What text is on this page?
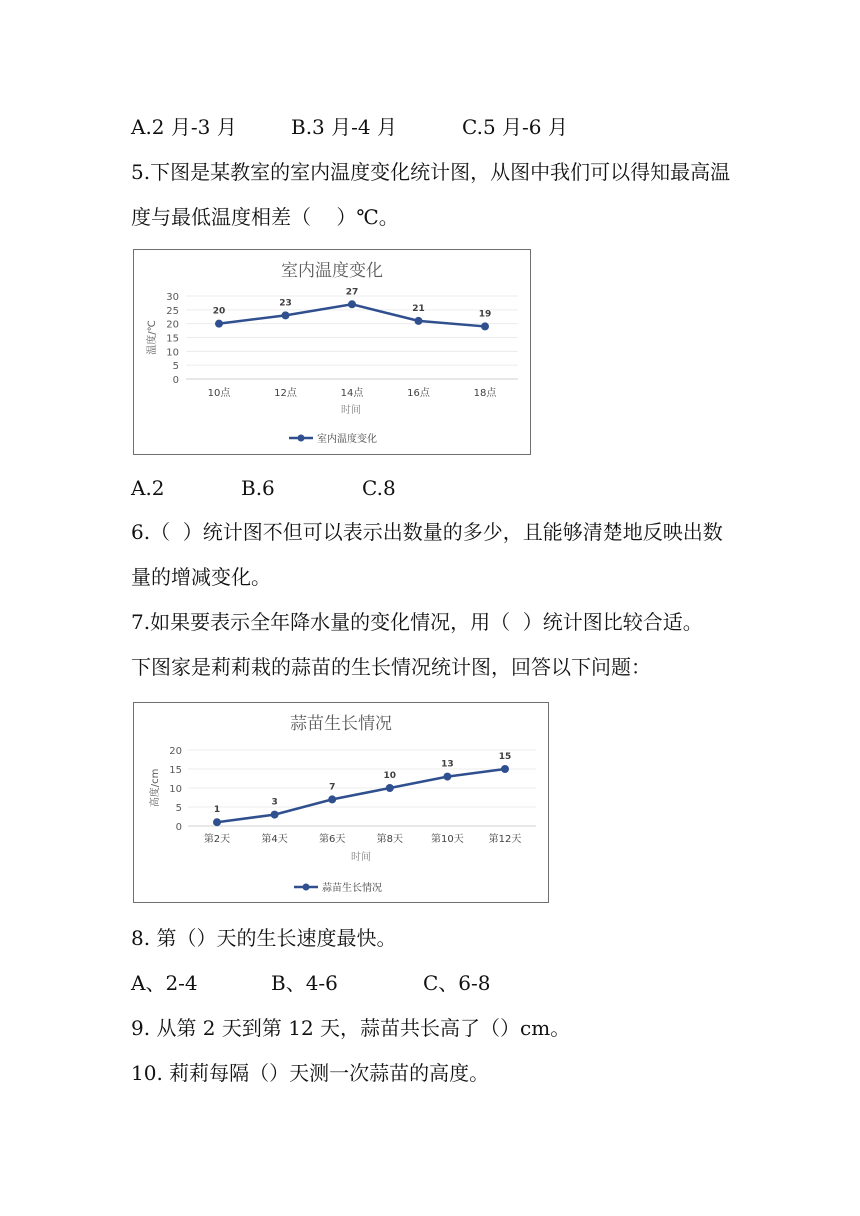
A.2 月-3 月	B.3 月-4 月	C.5 月-6 月

5.下图是某教室的室内温度变化统计图，从图中我们可以得知最高温

度与最低温度相差（    ）℃。

室内温度变化
0
5
10
15
20
25
30
温度/℃
10点	12点	14点	16点	18点
时间
20
23
27
21
19
室内温度变化
A.2	B.6	C.8

6.（  ）统计图不但可以表示出数量的多少，且能够清楚地反映出数

量的增减变化。

7.如果要表示全年降水量的变化情况，用（  ）统计图比较合适。

下图家是莉莉栽的蒜苗的生长情况统计图，回答以下问题：

蒜苗生长情况
0
5
10
15
20
高度/cm
第2天	第4天	第6天	第8天	第10天 第12天
时间
1
3
7
10
13
15
蒜苗生长情况

8. 第（）天的生长速度最快。

A、2-4	B、4-6	C、6-8

9. 从第 2 天到第 12 天，蒜苗共长高了（）cm。

10. 莉莉每隔（）天测一次蒜苗的高度。
